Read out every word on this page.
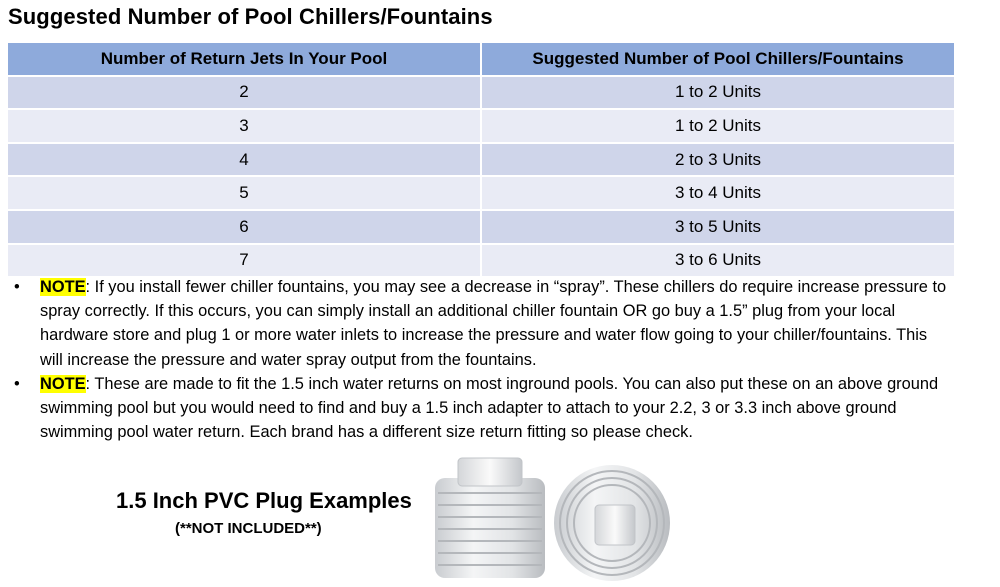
Suggested Number of Pool Chillers/Fountains
Number of Return Jets In Your Pool	Suggested Number of Pool Chillers/Fountains
2	1 to 2 Units
3	1 to 2 Units
4	2 to 3 Units
5	3 to 4 Units
6	3 to 5 Units
7	3 to 6 Units
• NOTE: If you install fewer chiller fountains, you may see a decrease in “spray”. These chillers do require increase pressure to spray correctly. If this occurs, you can simply install an additional chiller fountain OR go buy a 1.5” plug from your local hardware store and plug 1 or more water inlets to increase the pressure and water flow going to your chiller/fountains. This will increase the pressure and water spray output from the fountains.
• NOTE: These are made to fit the 1.5 inch water returns on most inground pools. You can also put these on an above ground swimming pool but you would need to find and buy a 1.5 inch adapter to attach to your 2.2, 3 or 3.3 inch above ground swimming pool water return. Each brand has a different size return fitting so please check.
1.5 Inch PVC Plug Examples
(**NOT INCLUDED**)
